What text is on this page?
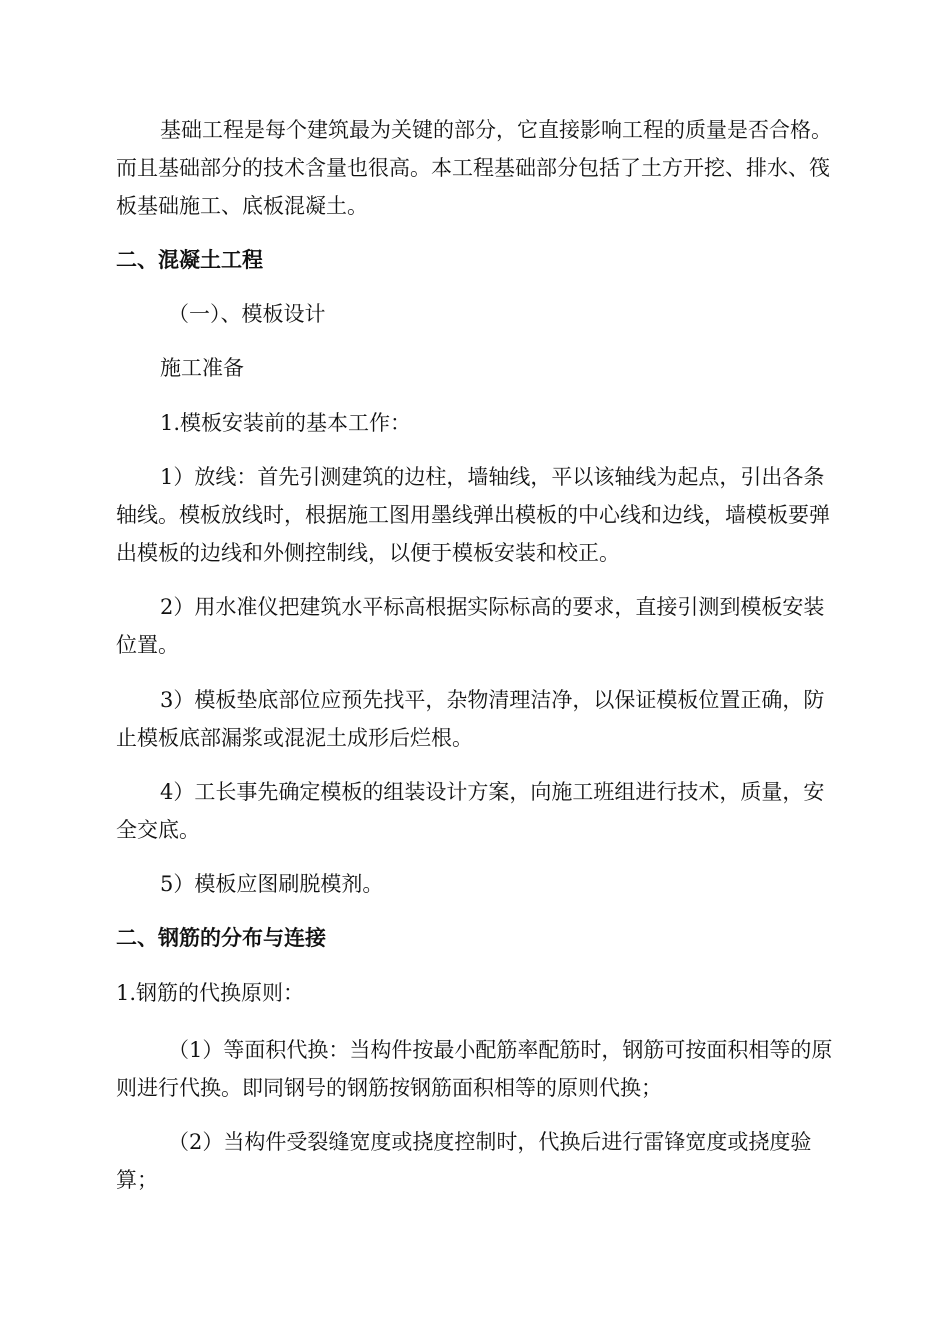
基础工程是每个建筑最为关键的部分，它直接影响工程的质量是否合格。而且基础部分的技术含量也很高。本工程基础部分包括了土方开挖、排水、筏板基础施工、底板混凝土。

二、混凝土工程

（一）、模板设计

施工准备

1.模板安装前的基本工作：

1）放线：首先引测建筑的边柱，墙轴线，平以该轴线为起点，引出各条轴线。模板放线时，根据施工图用墨线弹出模板的中心线和边线，墙模板要弹出模板的边线和外侧控制线，以便于模板安装和校正。

2）用水准仪把建筑水平标高根据实际标高的要求，直接引测到模板安装位置。

3）模板垫底部位应预先找平，杂物清理洁净，以保证模板位置正确，防止模板底部漏浆或混泥土成形后烂根。

4）工长事先确定模板的组装设计方案，向施工班组进行技术，质量，安全交底。

5）模板应图刷脱模剂。

二、钢筋的分布与连接

1.钢筋的代换原则：

（1）等面积代换：当构件按最小配筋率配筋时，钢筋可按面积相等的原则进行代换。即同钢号的钢筋按钢筋面积相等的原则代换；

（2）当构件受裂缝宽度或挠度控制时，代换后进行雷锋宽度或挠度验算；
